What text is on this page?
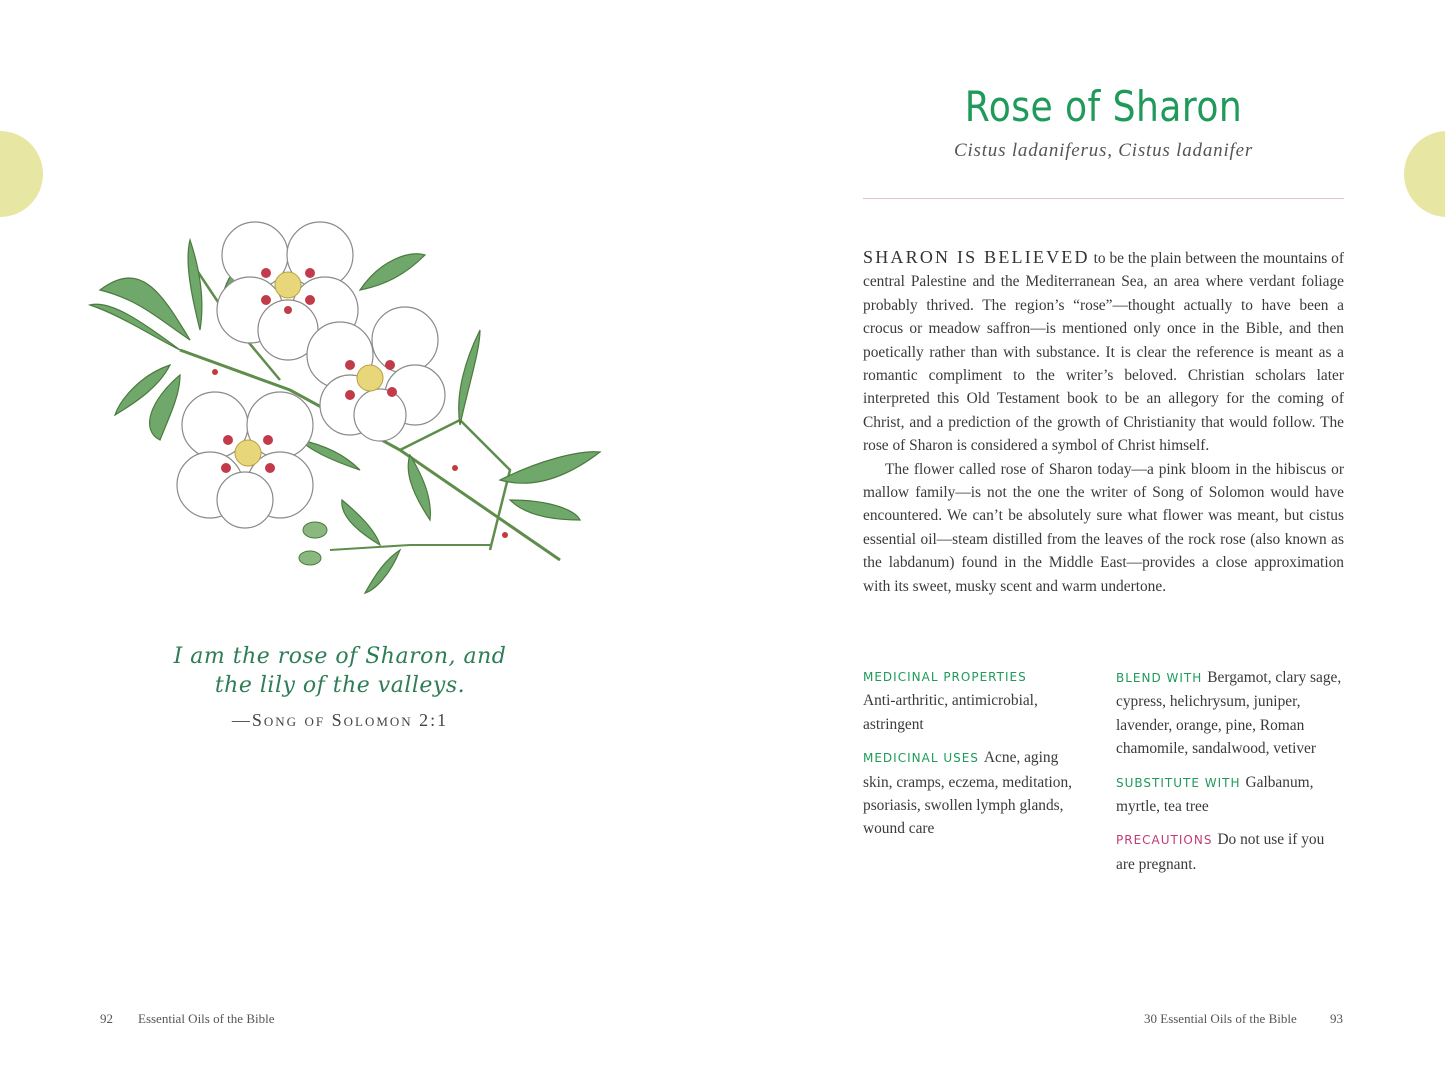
I am the rose of Sharon, and
the lily of the valleys.
—Song of Solomon 2:1
92 Essential Oils of the Bible
Rose of Sharon
Cistus ladaniferus, Cistus ladanifer

SHARON IS BELIEVED to be the plain between the mountains of central Palestine and the Mediterranean Sea, an area where verdant foliage probably thrived. The region’s “rose”—thought actually to have been a crocus or meadow saffron—is mentioned only once in the Bible, and then poetically rather than with substance. It is clear the reference is meant as a romantic compliment to the writer’s beloved. Christian scholars later interpreted this Old Testament book to be an allegory for the coming of Christ, and a prediction of the growth of Christianity that would follow. The rose of Sharon is considered a symbol of Christ himself.

The flower called rose of Sharon today—a pink bloom in the hibiscus or mallow family—is not the one the writer of Song of Solomon would have encountered. We can’t be absolutely sure what flower was meant, but cistus essential oil—steam distilled from the leaves of the rock rose (also known as the labdanum) found in the Middle East—provides a close approximation with its sweet, musky scent and warm undertone.

MEDICINAL PROPERTIES
Anti-arthritic, antimicrobial, astringent

MEDICINAL USES Acne, aging skin, cramps, eczema, meditation, psoriasis, swollen lymph glands, wound care

BLEND WITH Bergamot, clary sage, cypress, helichrysum, juniper, lavender, orange, pine, Roman chamomile, sandalwood, vetiver

SUBSTITUTE WITH Galbanum, myrtle, tea tree

PRECAUTIONS Do not use if you are pregnant.

30 Essential Oils of the Bible	93
